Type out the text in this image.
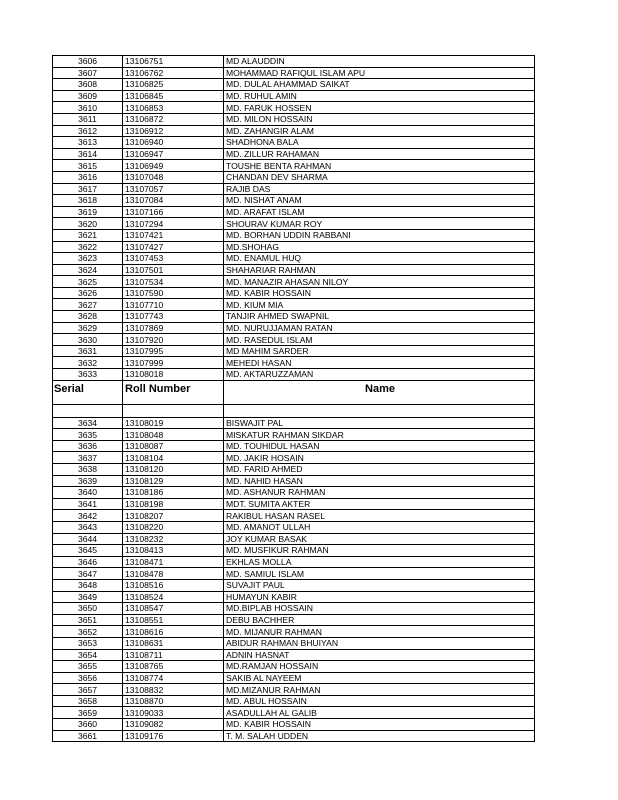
3606	13106751	MD ALAUDDIN
3607	13106762	MOHAMMAD RAFIQUL ISLAM APU
3608	13106825	MD. DULAL AHAMMAD SAIKAT
3609	13106845	MD. RUHUL AMIN
3610	13106853	MD. FARUK HOSSEN
3611	13106872	MD. MILON HOSSAIN
3612	13106912	MD. ZAHANGIR ALAM
3613	13106940	SHADHONA BALA
3614	13106947	MD. ZILLUR RAHAMAN
3615	13106949	TOUSHE BENTA RAHMAN
3616	13107048	CHANDAN DEV SHARMA
3617	13107057	RAJIB DAS
3618	13107084	MD. NISHAT ANAM
3619	13107166	MD. ARAFAT ISLAM
3620	13107294	SHOURAV KUMAR ROY
3621	13107421	MD. BORHAN UDDIN RABBANI
3622	13107427	MD.SHOHAG
3623	13107453	MD. ENAMUL HUQ
3624	13107501	SHAHARIAR RAHMAN
3625	13107534	MD. MANAZIR AHASAN NILOY
3626	13107590	MD. KABIR HOSSAIN
3627	13107710	MD. KIUM MIA
3628	13107743	TANJIR AHMED SWAPNIL
3629	13107869	MD. NURUJJAMAN RATAN
3630	13107920	MD. RASEDUL ISLAM
3631	13107995	MD MAHIM SARDER
3632	13107999	MEHEDI HASAN
3633	13108018	MD. AKTARUZZAMAN
Serial	Roll Number	Name

3634	13108019	BISWAJIT PAL
3635	13108048	MISKATUR RAHMAN SIKDAR
3636	13108087	MD. TOUHIDUL HASAN
3637	13108104	MD. JAKIR HOSAIN
3638	13108120	MD. FARID AHMED
3639	13108129	MD. NAHID HASAN
3640	13108186	MD. ASHANUR RAHMAN
3641	13108198	MDT. SUMITA AKTER
3642	13108207	RAKIBUL HASAN RASEL
3643	13108220	MD. AMANOT ULLAH
3644	13108232	JOY KUMAR BASAK
3645	13108413	MD. MUSFIKUR RAHMAN
3646	13108471	EKHLAS MOLLA
3647	13108478	MD. SAMIUL ISLAM
3648	13108516	SUVAJIT PAUL
3649	13108524	HUMAYUN KABIR
3650	13108547	MD.BIPLAB HOSSAIN
3651	13108551	DEBU BACHHER
3652	13108616	MD. MIJANUR RAHMAN
3653	13108631	ABIDUR RAHMAN BHUIYAN
3654	13108711	ADNIN HASNAT
3655	13108765	MD.RAMJAN HOSSAIN
3656	13108774	SAKIB AL NAYEEM
3657	13108832	MD.MIZANUR RAHMAN
3658	13108870	MD. ABUL HOSSAIN
3659	13109033	ASADULLAH AL GALIB
3660	13109082	MD. KABIR HOSSAIN
3661	13109176	T. M. SALAH UDDEN
